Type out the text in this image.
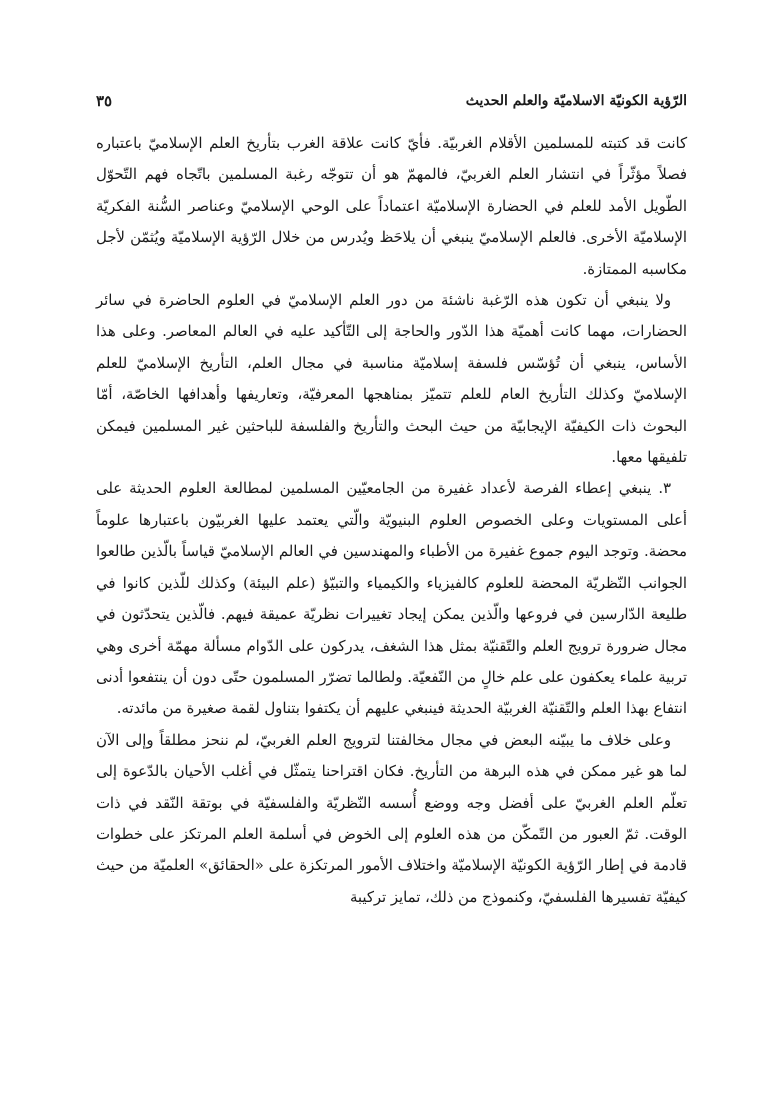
الرّؤية الكونيّة الاسلاميّة والعلم الحديث
٣٥

كانت قد كتبته للمسلمين الأقلام الغربيّة. فأيّ كانت علاقة الغرب بتأريخ العلم الإسلاميّ باعتباره فصلاً مؤثّراً في انتشار العلم الغربيّ، فالمهمّ هو أن تتوجّه رغبة المسلمين باتّجاه فهم التّحوّل الطّويل الأمد للعلم في الحضارة الإسلاميّة اعتماداً على الوحي الإسلاميّ وعناصر السُّنة الفكريّة الإسلاميّة الأخرى. فالعلم الإسلاميّ ينبغي أن يلاحَظ ويُدرس من خلال الرّؤية الإسلاميّة ويُثمّن لأجل مكاسبه الممتازة.

ولا ينبغي أن تكون هذه الرّغبة ناشئة من دور العلم الإسلاميّ في العلوم الحاضرة في سائر الحضارات، مهما كانت أهميّة هذا الدّور والحاجة إلى التّأكيد عليه في العالم المعاصر. وعلى هذا الأساس، ينبغي أن تُؤسّس فلسفة إسلاميّة مناسبة في مجال العلم، التأريخ الإسلاميّ للعلم الإسلاميّ وكذلك التأريخ العام للعلم تتميّز بمناهجها المعرفيّة، وتعاريفها وأهدافها الخاصّة، أمّا البحوث ذات الكيفيّة الإيجابيّة من حيث البحث والتأريخ والفلسفة للباحثين غير المسلمين فيمكن تلفيقها معها.

٣. ينبغي إعطاء الفرصة لأعداد غفيرة من الجامعيّين المسلمين لمطالعة العلوم الحديثة على أعلى المستويات وعلى الخصوص العلوم البنيويّة والّتي يعتمد عليها الغربيّون باعتبارها علوماً محضة. وتوجد اليوم جموع غفيرة من الأطباء والمهندسين في العالم الإسلاميّ قياساً بالّذين طالعوا الجوانب النّظريّة المحضة للعلوم كالفيزياء والكيمياء والتبيّؤ (علم البيئة) وكذلك للّذين كانوا في طليعة الدّارسين في فروعها والّذين يمكن إيجاد تغييرات نظريّة عميقة فيهم. فالّذين يتحدّثون في مجال ضرورة ترويج العلم والتّقنيّة بمثل هذا الشغف، يدركون على الدّوام مسألة مهمّة أخرى وهي تربية علماء يعكفون على علم خالٍ من النّفعيّة. ولطالما تضرّر المسلمون حتّى دون أن ينتفعوا أدنى انتفاع بهذا العلم والتّقنيّة الغربيّة الحديثة فينبغي عليهم أن يكتفوا بتناول لقمة صغيرة من مائدته.

وعلى خلاف ما يبيّنه البعض في مجال مخالفتنا لترويج العلم الغربيّ، لم ننحز مطلقاً وإلى الآن لما هو غير ممكن في هذه البرهة من التأريخ. فكان اقتراحنا يتمثّل في أغلب الأحيان بالدّعوة إلى تعلّم العلم الغربيّ على أفضل وجه ووضع أُسسه النّظريّة والفلسفيّة في بوتقة النّقد في ذات الوقت. ثمّ العبور من التّمكّن من هذه العلوم إلى الخوض في أسلمة العلم المرتكز على خطوات قادمة في إطار الرّؤية الكونيّة الإسلاميّة واختلاف الأمور المرتكزة على «الحقائق» العلميّة من حيث كيفيّة تفسيرها الفلسفيّ، وكنموذج من ذلك، تمايز تركيبة
